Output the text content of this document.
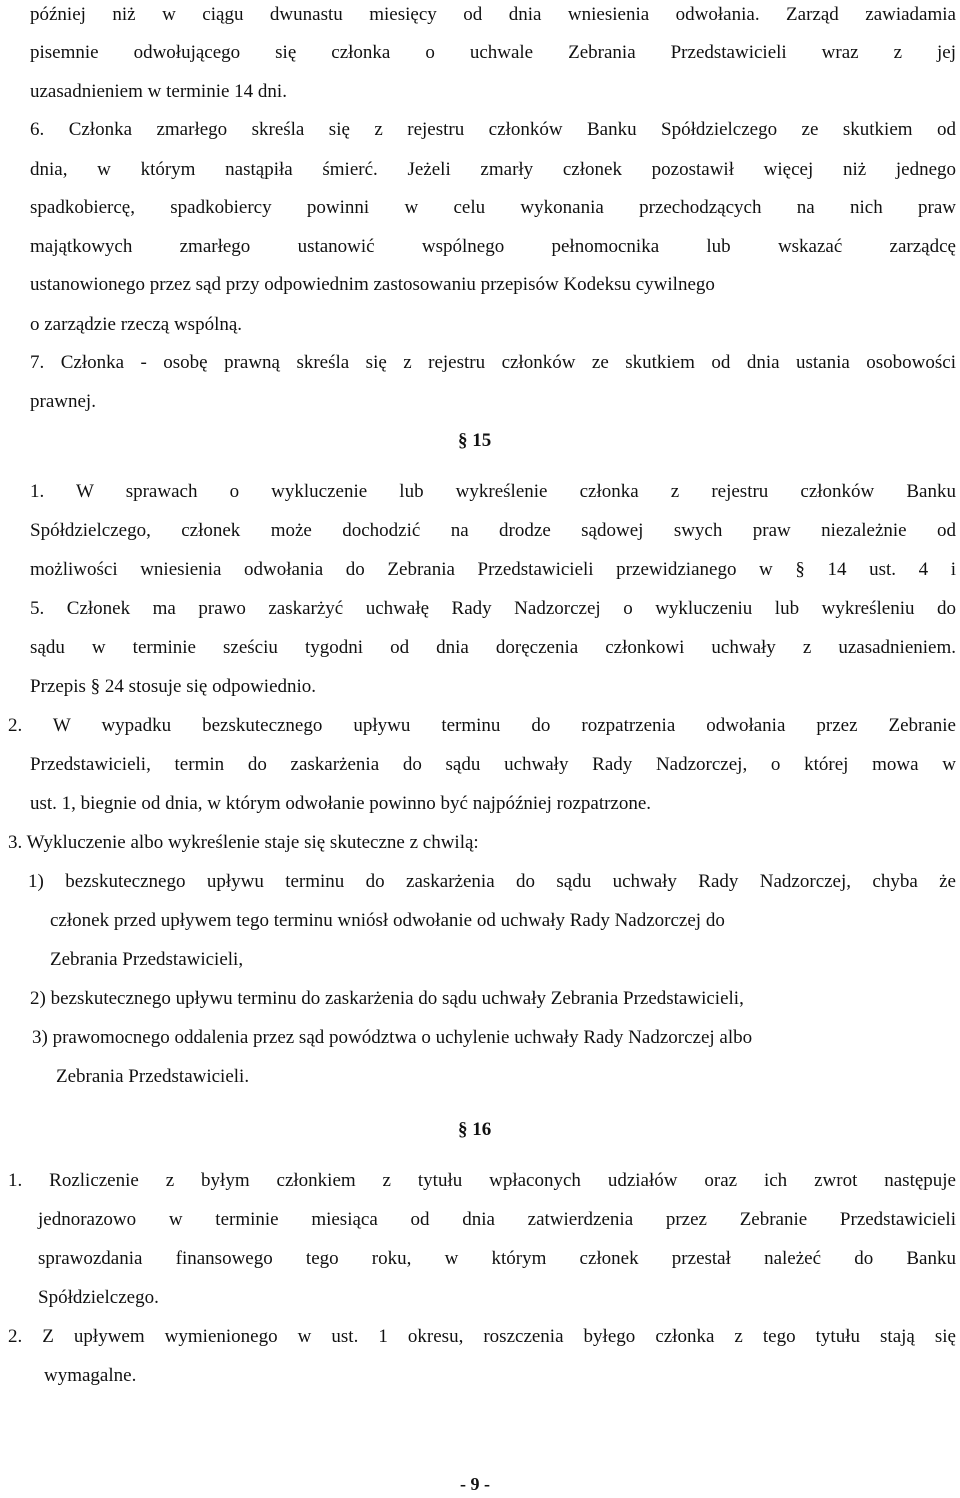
później niż w ciągu dwunastu miesięcy od dnia wniesienia odwołania. Zarząd zawiadamia
pisemnie odwołującego się członka o uchwale Zebrania Przedstawicieli wraz z jej
uzasadnieniem w terminie 14 dni.
6. Członka zmarłego skreśla się z rejestru członków Banku Spółdzielczego ze skutkiem od
dnia, w którym nastąpiła śmierć. Jeżeli zmarły członek pozostawił więcej niż jednego
spadkobiercę, spadkobiercy powinni w celu wykonania przechodzących na nich praw
majątkowych zmarłego ustanowić wspólnego pełnomocnika lub wskazać zarządcę
ustanowionego przez sąd przy odpowiednim zastosowaniu przepisów Kodeksu cywilnego
o zarządzie rzeczą wspólną.
7. Członka - osobę prawną skreśla się z rejestru członków ze skutkiem od dnia ustania osobowości
prawnej.
§ 15
1. W sprawach o wykluczenie lub wykreślenie członka z rejestru członków Banku
Spółdzielczego, członek może dochodzić na drodze sądowej swych praw niezależnie od
możliwości wniesienia odwołania do Zebrania Przedstawicieli przewidzianego w § 14 ust. 4 i
5. Członek ma prawo zaskarżyć uchwałę Rady Nadzorczej o wykluczeniu lub wykreśleniu do
sądu w terminie sześciu tygodni od dnia doręczenia członkowi uchwały z uzasadnieniem.
Przepis § 24 stosuje się odpowiednio.
2. W wypadku bezskutecznego upływu terminu do rozpatrzenia odwołania przez Zebranie
Przedstawicieli, termin do zaskarżenia do sądu uchwały Rady Nadzorczej, o której mowa w
ust. 1, biegnie od dnia, w którym odwołanie powinno być najpóźniej rozpatrzone.
3. Wykluczenie albo wykreślenie staje się skuteczne z chwilą:
1) bezskutecznego upływu terminu do zaskarżenia do sądu uchwały Rady Nadzorczej, chyba że
członek przed upływem tego terminu wniósł odwołanie od uchwały Rady Nadzorczej do
Zebrania Przedstawicieli,
2) bezskutecznego upływu terminu do zaskarżenia do sądu uchwały Zebrania Przedstawicieli,
3) prawomocnego oddalenia przez sąd powództwa o uchylenie uchwały Rady Nadzorczej albo
Zebrania Przedstawicieli.
§ 16
1. Rozliczenie z byłym członkiem z tytułu wpłaconych udziałów oraz ich zwrot następuje
jednorazowo w terminie miesiąca od dnia zatwierdzenia przez Zebranie Przedstawicieli
sprawozdania finansowego tego roku, w którym członek przestał należeć do Banku
Spółdzielczego.
2. Z upływem wymienionego w ust. 1 okresu, roszczenia byłego członka z tego tytułu stają się
wymagalne.
- 9 -
